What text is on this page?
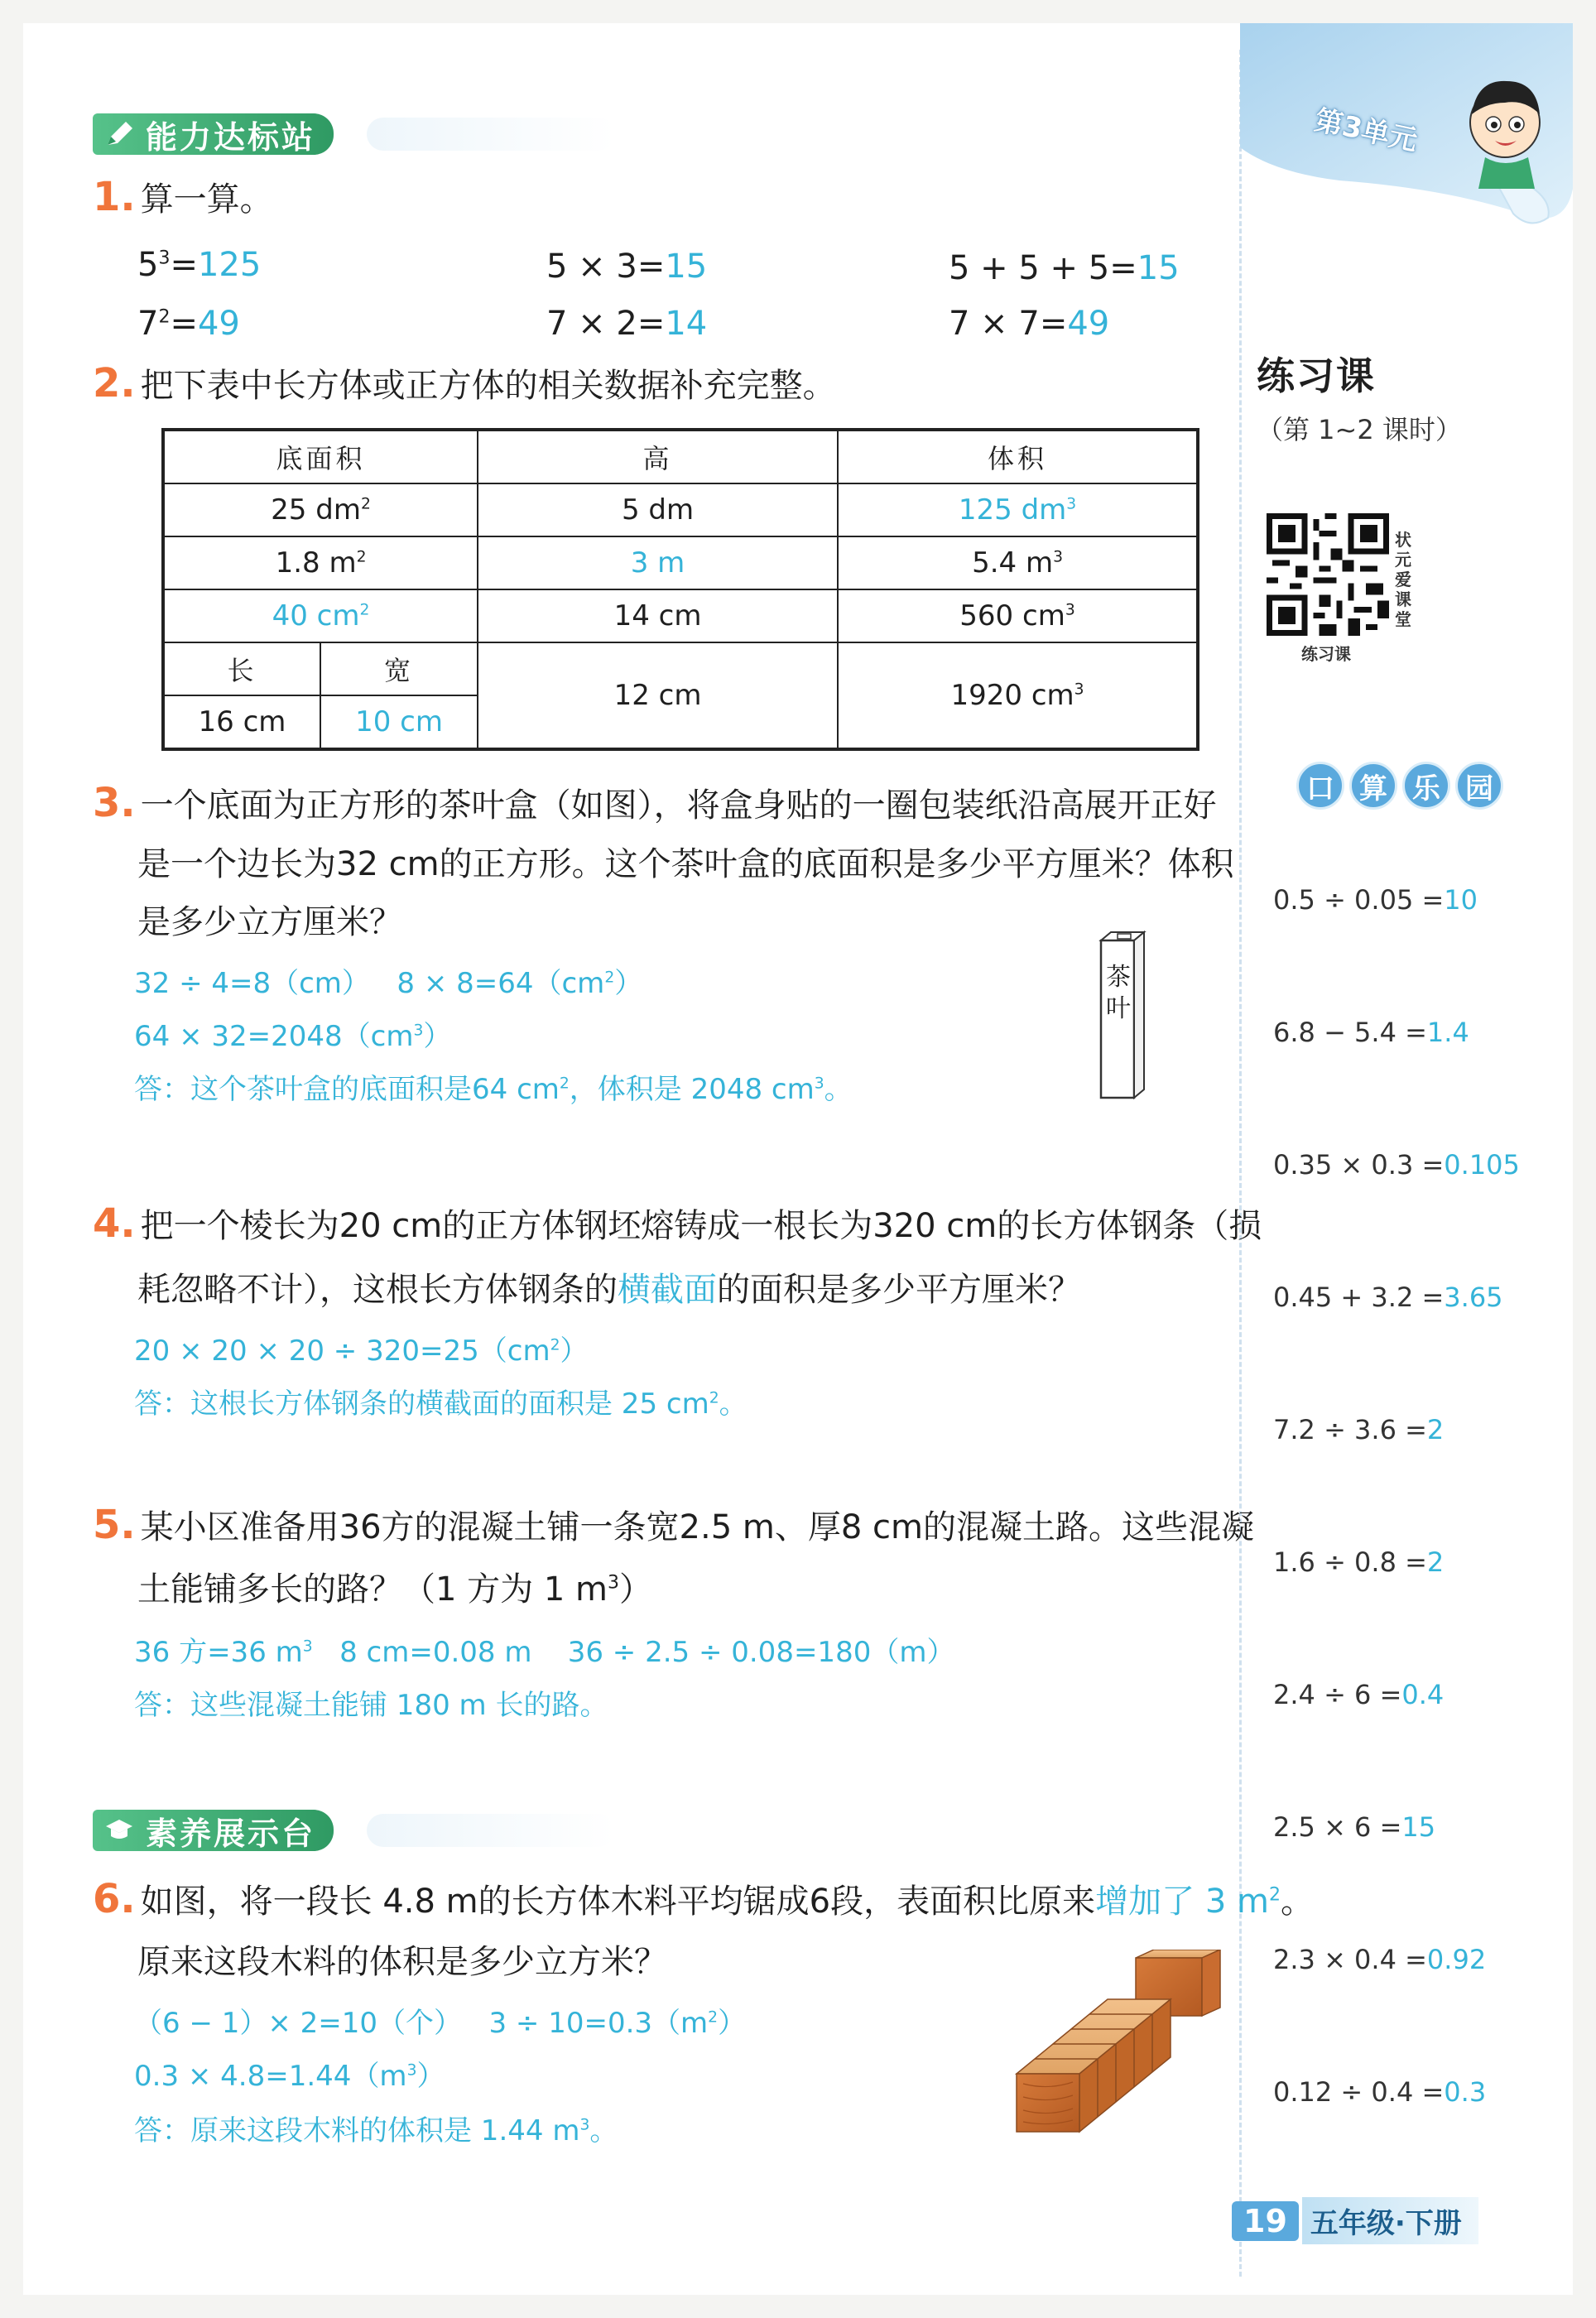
能力达标站
1. 算一算。
$5^3=125$	5 × 3=15	5 + 5 + 5=15
$7^2=49$	7 × 2=14	7 × 7=49
2. 把下表中长方体或正方体的相关数据补充完整。
底面积		高	体积
25 $dm^2$		5 dm	125 $dm^3$
1.8 $m^2$		3 m	5.4 $m^3$
40 $cm^2$		14 cm	560 $cm^3$
长	宽	12 cm	1920 $cm^3$
16 cm	10 cm		
3. 一个底面为正方形的茶叶盒（如图），将盒身贴的一圈包装纸沿高展开正好
是一个边长为32 cm的正方形。这个茶叶盒的底面积是多少平方厘米？体积
是多少立方厘米？
32 ÷ 4=8（cm） $8 \times 8=64(cm^2)$
$64 \times 32=2048(cm^3)$
答：这个茶叶盒的底面积是64 $cm^2$，体积是 2048 $cm^3$。
茶叶
4. 把一个棱长为20 cm的正方体钢坯熔铸成一根长为320 cm的长方体钢条（损
耗忽略不计），这根长方体钢条的横截面的面积是多少平方厘米？
$20 \times 20 \times 20 \div 320=25(cm^2)$
答：这根长方体钢条的横截面的面积是 25 $cm^2$。
5. 某小区准备用36方的混凝土铺一条宽2.5 m、厚8 cm的混凝土路。这些混凝
土能铺多长的路？（1 方为 1 $m^3$）
36 方=36 $m^3$ 8 cm=0.08 m 36 ÷ 2.5 ÷ 0.08=180（m）
答：这些混凝土能铺 180 m 长的路。
素养展示台
6. 如图，将一段长 4.8 m的长方体木料平均锯成6段，表面积比原来增加了 3 $m^2$。
原来这段木料的体积是多少立方米？
（6 − 1）× 2=10（个） $3 \div 10=0.3(m^2)$
$0.3 \times 4.8=1.44(m^3)$
答：原来这段木料的体积是 1.44 $m^3$。
第3单元
练习课
（第 1~2 课时）
状元爱课堂
练习课
口 算 乐 园
0.5 ÷ 0.05 =10
6.8 − 5.4 =1.4
0.35 × 0.3 =0.105
0.45 + 3.2 =3.65
7.2 ÷ 3.6 =2
1.6 ÷ 0.8 =2
2.4 ÷ 6 =0.4
2.5 × 6 =15
2.3 × 0.4 =0.92
0.12 ÷ 0.4 =0.3
19 五年级·下册
